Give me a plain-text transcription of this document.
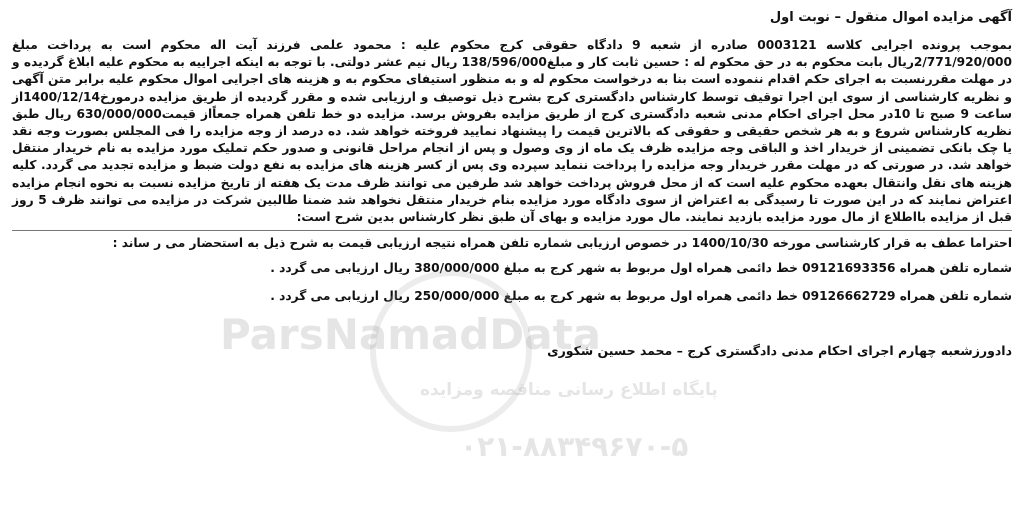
آگهی مزایده اموال منقول – نوبت اول

بموجب پرونده اجرایی کلاسه 0003121 صادره از شعبه 9 دادگاه حقوقی کرج محکوم علیه : محمود علمی فرزند آیت اله محکوم است به پرداخت مبلغ 2/771/920/000ریال بابت محکوم به در حق محکوم له : حسین ثابت کار و مبلغ138/596/000 ریال نیم عشر دولتی. با توجه به اینکه اجراییه به محکوم علیه ابلاغ گردیده و در مهلت مقررنسبت به اجرای حکم اقدام ننموده است بنا به درخواست محکوم له و به منظور استیفای محکوم به و هزینه های اجرایی اموال محکوم علیه برابر متن آگهی و نظریه کارشناسی از سوی این اجرا توقیف توسط کارشناس دادگستری کرج بشرح ذیل توصیف و ارزیابی شده و مقرر گردیده از طریق مزایده درمورخ1400/12/14از ساعت 9 صبح تا 10در محل اجرای احکام مدنی شعبه دادگستری کرج از طریق مزایده بفروش برسد. مزایده دو خط تلفن همراه جمعاًاز قیمت630/000/000 ریال طبق نظریه کارشناس شروع و به هر شخص حقیقی و حقوقی که بالاترین قیمت را پیشنهاد نمایید فروخته خواهد شد. ده درصد از وجه مزایده را فی المجلس بصورت وجه نقد یا چک بانکی تضمینی از خریدار اخذ و الباقی وجه مزایده ظرف یک ماه از وی وصول و پس از انجام مراحل قانونی و صدور حکم تملیک مورد مزایده به نام خریدار منتقل خواهد شد. در صورتی که در مهلت مقرر خریدار وجه مزایده را پرداخت ننماید سپرده وی پس از کسر هزینه های مزایده به نفع دولت ضبط و مزایده تجدید می گردد. کلیه هزینه های نقل وانتقال بعهده محکوم علیه است که از محل فروش پرداخت خواهد شد طرفین می توانند ظرف مدت یک هفته از تاریخ مزایده نسبت به نحوه انجام مزایده اعتراض نمایند که در این صورت تا رسیدگی به اعتراض از سوی دادگاه مورد مزایده بنام خریدار منتقل نخواهد شد ضمنا طالبین شرکت در مزایده می توانند ظرف 5 روز قبل از مزایده بااطلاع از مال مورد مزایده بازدید نمایند. مال مورد مزایده و بهای آن طبق نظر کارشناس بدین شرح است:

احتراما عطف به قرار کارشناسی مورخه 1400/10/30 در خصوص ارزیابی شماره تلفن همراه نتیجه ارزیابی قیمت به شرح ذیل به استحضار می ر ساند :

شماره تلفن همراه 09121693356 خط دائمی همراه اول مربوط به شهر کرج به مبلغ 380/000/000 ریال ارزیابی می گردد .
شماره تلفن همراه 09126662729 خط دائمی همراه اول مربوط به شهر کرج به مبلغ 250/000/000 ریال ارزیابی می گردد .
دادورزشعبه چهارم اجرای احکام مدنی دادگستری کرج – محمد حسین شکوری
ParsNamadData
پایگاه اطلاع رسانی مناقصه ومزایده
۰۲۱-۸۸۳۴۹۶۷۰-۵
